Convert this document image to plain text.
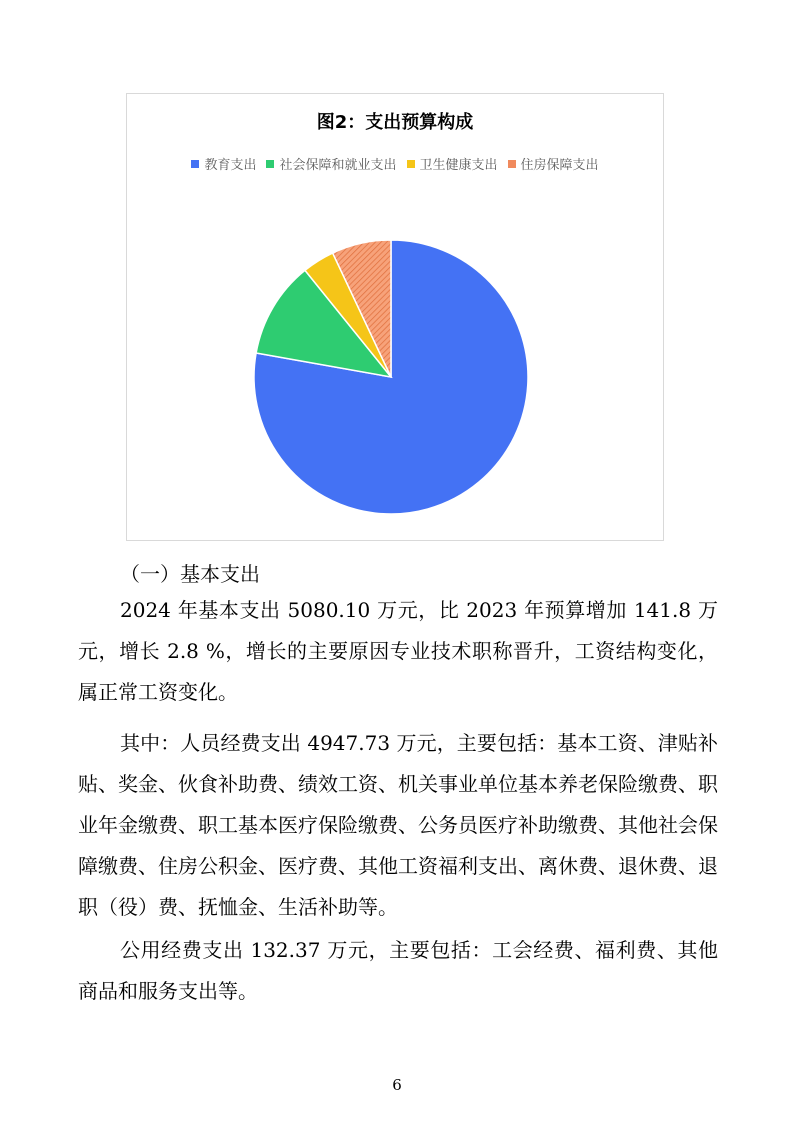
图2：支出预算构成
教育支出 社会保障和就业支出 卫生健康支出 住房保障支出
（一）基本支出

2024 年基本支出 5080.10 万元，比 2023 年预算增加 141.8 万元，增长 2.8 %，增长的主要原因专业技术职称晋升，工资结构变化，属正常工资变化。

其中：人员经费支出 4947.73 万元，主要包括：基本工资、津贴补贴、奖金、伙食补助费、绩效工资、机关事业单位基本养老保险缴费、职业年金缴费、职工基本医疗保险缴费、公务员医疗补助缴费、其他社会保障缴费、住房公积金、医疗费、其他工资福利支出、离休费、退休费、退职（役）费、抚恤金、生活补助等。

公用经费支出 132.37 万元，主要包括：工会经费、福利费、其他商品和服务支出等。

6
